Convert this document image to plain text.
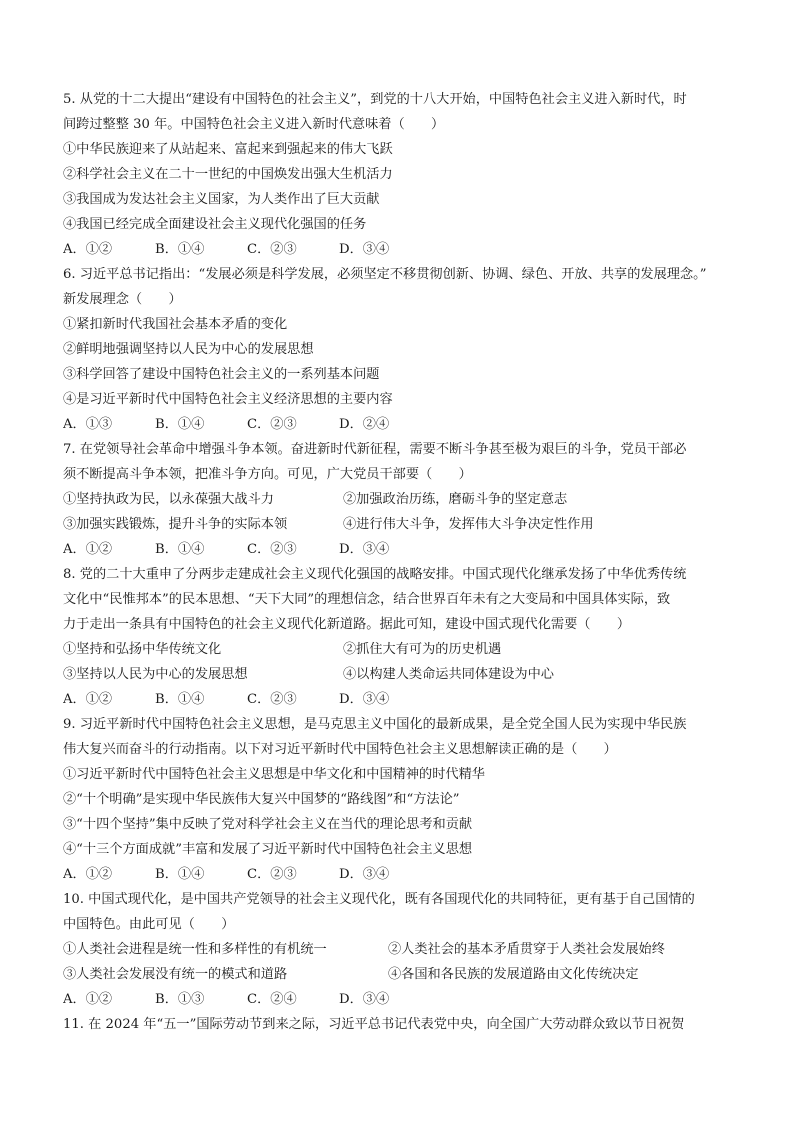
5. 从党的十二大提出“建设有中国特色的社会主义”，到党的十八大开始，中国特色社会主义进入新时代，时
间跨过整整 30 年。中国特色社会主义进入新时代意味着（　　）
①中华民族迎来了从站起来、富起来到强起来的伟大飞跃
②科学社会主义在二十一世纪的中国焕发出强大生机活力
③我国成为发达社会主义国家，为人类作出了巨大贡献
④我国已经完成全面建设社会主义现代化强国的任务
A．①②	B．①④	C．②③	D．③④
6. 习近平总书记指出：“发展必须是科学发展，必须坚定不移贯彻创新、协调、绿色、开放、共享的发展理念。”
新发展理念（　　）
①紧扣新时代我国社会基本矛盾的变化
②鲜明地强调坚持以人民为中心的发展思想
③科学回答了建设中国特色社会主义的一系列基本问题
④是习近平新时代中国特色社会主义经济思想的主要内容
A．①③	B．①④	C．②③	D．②④
7. 在党领导社会革命中增强斗争本领。奋进新时代新征程，需要不断斗争甚至极为艰巨的斗争，党员干部必
须不断提高斗争本领，把准斗争方向。可见，广大党员干部要（　　）
①坚持执政为民，以永葆强大战斗力	②加强政治历练，磨砺斗争的坚定意志
③加强实践锻炼，提升斗争的实际本领	④进行伟大斗争，发挥伟大斗争决定性作用
A．①②	B．①④	C．②③	D．③④
8. 党的二十大重申了分两步走建成社会主义现代化强国的战略安排。中国式现代化继承发扬了中华优秀传统
文化中“民惟邦本”的民本思想、“天下大同”的理想信念，结合世界百年未有之大变局和中国具体实际，致
力于走出一条具有中国特色的社会主义现代化新道路。据此可知，建设中国式现代化需要（　　）
①坚持和弘扬中华传统文化	②抓住大有可为的历史机遇
③坚持以人民为中心的发展思想	④以构建人类命运共同体建设为中心
A．①②	B．①④	C．②③	D．③④
9. 习近平新时代中国特色社会主义思想，是马克思主义中国化的最新成果，是全党全国人民为实现中华民族
伟大复兴而奋斗的行动指南。以下对习近平新时代中国特色社会主义思想解读正确的是（　　）
①习近平新时代中国特色社会主义思想是中华文化和中国精神的时代精华
②“十个明确”是实现中华民族伟大复兴中国梦的“路线图”和“方法论”
③“十四个坚持”集中反映了党对科学社会主义在当代的理论思考和贡献
④“十三个方面成就”丰富和发展了习近平新时代中国特色社会主义思想
A．①②	B．①④	C．②③	D．③④
10. 中国式现代化，是中国共产党领导的社会主义现代化，既有各国现代化的共同特征，更有基于自己国情的
中国特色。由此可见（　　）
①人类社会进程是统一性和多样性的有机统一	②人类社会的基本矛盾贯穿于人类社会发展始终
③人类社会发展没有统一的模式和道路	④各国和各民族的发展道路由文化传统决定
A．①②	B．①③	C．②④	D．③④
11. 在 2024 年“五一”国际劳动节到来之际，习近平总书记代表党中央，向全国广大劳动群众致以节日祝贺
